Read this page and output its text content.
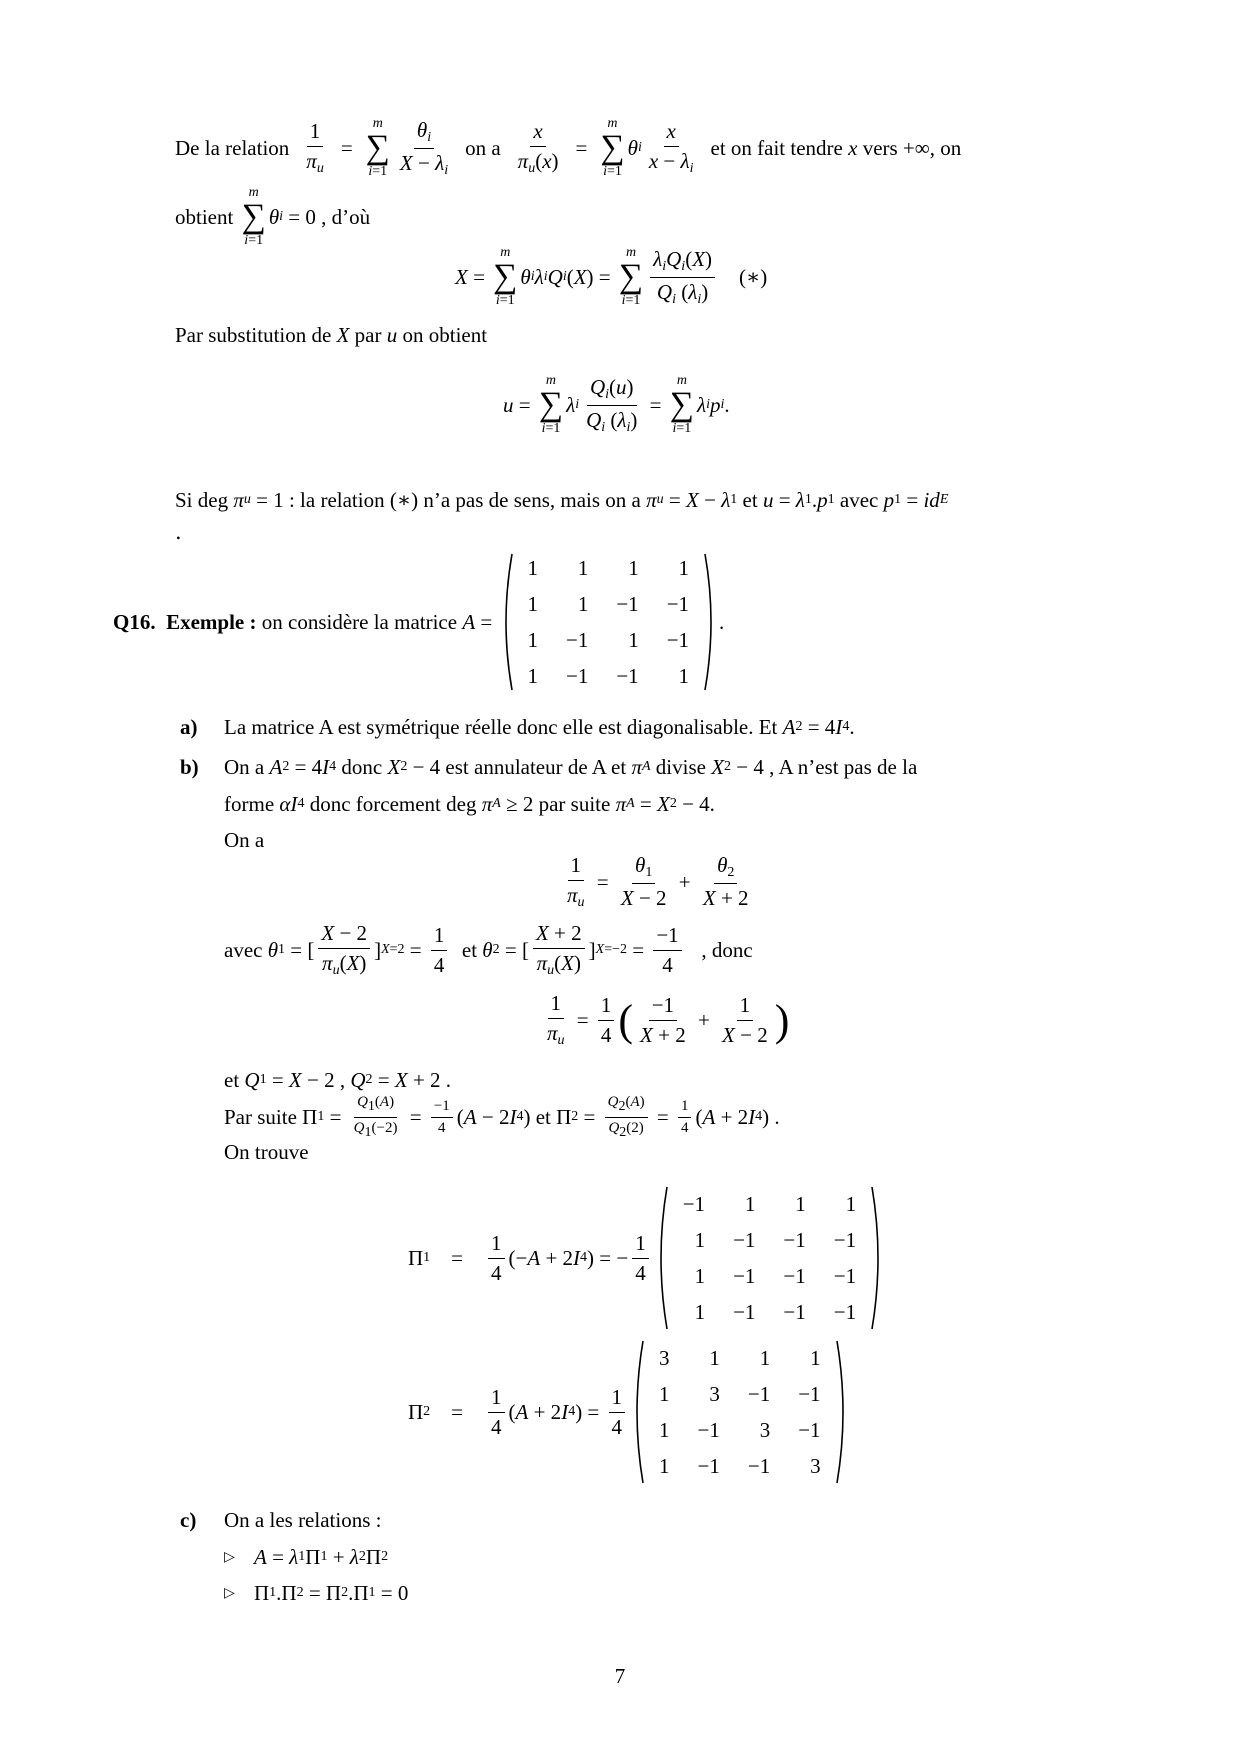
De la relation $\frac{1}{\pi_u}$ =
m
∑
$i=1 \frac{\theta_i}{X - \lambda_i}$ on a $\frac{x}{\pi_u(x)}$ =
m
∑
i=1
θ i $\frac{x}{x - \lambda_i}$ et on fait tendre
x
vers +∞, on
obtient

m
∑
i=1
θ i = 0 , d’où
X =
m
∑
i=1
θ i λ i Q i ( X ) =
m
∑
$i=1 \frac{\lambda_iQ_i(X)}{Q_i (\lambda_i)}$ (∗)
Par substitution de
X
par
u
on obtient
u =
m
∑
i=1
λ i $\frac{Q_i(u)}{Q_i (\lambda_i)}$ =
m
∑
i=1
λ i p i .
Si deg
π u
= 1 : la relation (∗) n’a pas de sens, mais on a
π u = X − λ 1
et
u = λ 1 . p 1
avec
p 1 = id E
.
Q16.
Exemple :
on considère la matrice
A =
1	1	1	1
1	1	−1	−1
1	−1	1	−1
1	−1	−1	1
.
a)	La matrice A est symétrique réelle donc elle est diagonalisable. Et
A 2 = 4 I 4 .
b)	On a
A 2 = 4 I 4
donc
X 2 − 4 est annulateur de A et
π A
divise
X 2 − 4 , A n’est pas de la
forme
αI 4
donc forcement deg
π A ≥ 2 par suite
π A = X 2 − 4.
On a
$\frac{1}{\pi_u} = \frac{\theta_1}{X - 2} + \frac{\theta_2}{X + 2}$
avec
θ 1 = [ $\frac{X - 2}{\pi_u(X)}$ ] $X=2 = \frac{1}{4}$
et
θ 2 = [ $\frac{X + 2}{\pi_u(X)}$ ] $X=-2 = \frac{-1}{4}$
, donc
$\frac{1}{\pi_u} = \frac{1}{4}$ ( $\frac{-1}{X + 2} + \frac{1}{X - 2}$ )
et
Q 1 = X − 2 , Q 2 = X + 2 .
Par suite Π $1 = \frac{Q1(A)}{Q1(-2)} = \frac{-1}{4}$ ( A − 2 I 4 ) et Π $2 = \frac{Q2(A)}{Q2(2)} = \frac{1}{4}$ ( A + 2 I 4 ) .
On trouve
Π $1 = \frac{1}{4}$ (− A + 2 I 4 ) = − $\frac{1}{4}$
−1	1	1	1
1	−1	−1	−1
1	−1	−1	−1
1	−1	−1	−1
Π $2 = \frac{1}{4}$ ( A + 2 I 4 ) = $\frac{1}{4}$
3	1	1	1
1	3	−1	−1
1	−1	3	−1
1	−1	−1	3
c)	On a les relations :
▷ A = λ 1 Π 1 + λ 2 Π 2
▷ Π 1 .Π 2 = Π 2 .Π 1 = 0
7
